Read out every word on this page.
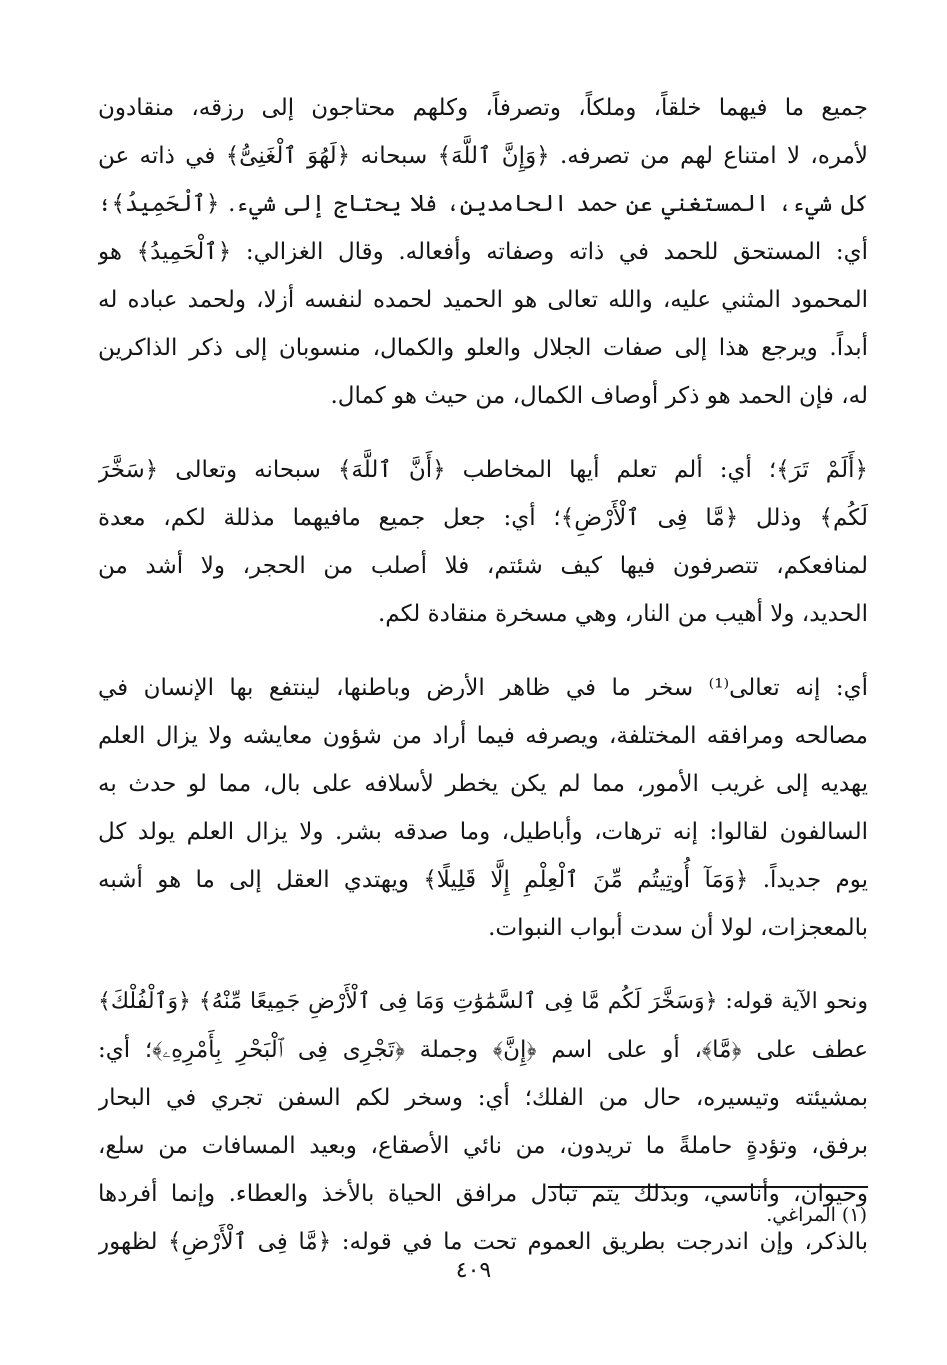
جميع ما فيهما خلقاً، وملكاً، وتصرفاً، وكلهم محتاجون إلى رزقه، منقادون
لأمره، لا امتناع لهم من تصرفه. ﴿وَإِنَّ ٱللَّهَ﴾ سبحانه ﴿لَهُوَ ٱلْغَنِىُّ﴾ في ذاته عن
كل شيء، المستغني عن حمد الحامدين، فلا يحتاج إلى شيء. ﴿ٱلْحَمِيدُ﴾؛
أي: المستحق للحمد في ذاته وصفاته وأفعاله. وقال الغزالي: ﴿ٱلْحَمِيدُ﴾ هو
المحمود المثني عليه، والله تعالى هو الحميد لحمده لنفسه أزلا، ولحمد عباده له
أبداً. ويرجع هذا إلى صفات الجلال والعلو والكمال، منسوبان إلى ذكر الذاكرين
له، فإن الحمد هو ذكر أوصاف الكمال، من حيث هو كمال.
﴿أَلَمْ تَرَ﴾؛ أي: ألم تعلم أيها المخاطب ﴿أَنَّ ٱللَّهَ﴾ سبحانه وتعالى ﴿سَخَّرَ
لَكُم﴾ وذلل ﴿مَّا فِى ٱلْأَرْضِ﴾؛ أي: جعل جميع مافيهما مذللة لكم، معدة
لمنافعكم، تتصرفون فيها كيف شئتم، فلا أصلب من الحجر، ولا أشد من
الحديد، ولا أهيب من النار، وهي مسخرة منقادة لكم.
أي: إنه تعالى⁽¹⁾ سخر ما في ظاهر الأرض وباطنها، لينتفع بها الإنسان في
مصالحه ومرافقه المختلفة، ويصرفه فيما أراد من شؤون معايشه ولا يزال العلم
يهديه إلى غريب الأمور، مما لم يكن يخطر لأسلافه على بال، مما لو حدث به
السالفون لقالوا: إنه ترهات، وأباطيل، وما صدقه بشر. ولا يزال العلم يولد كل
يوم جديداً. ﴿وَمَآ أُوتِيتُم مِّنَ ٱلْعِلْمِ إِلَّا قَلِيلًا﴾ ويهتدي العقل إلى ما هو أشبه
بالمعجزات، لولا أن سدت أبواب النبوات.
ونحو الآية قوله: ﴿وَسَخَّرَ لَكُم مَّا فِى ٱلسَّمَٰوَٰتِ وَمَا فِى ٱلْأَرْضِ جَمِيعًا مِّنْهُ﴾ ﴿وَٱلْفُلْكَ﴾
عطف على ﴿مَّا﴾، أو على اسم ﴿إِنَّ﴾ وجملة ﴿تَجْرِى فِى ٱلْبَحْرِ بِأَمْرِهِۦ﴾؛ أي:
بمشيئته وتيسيره، حال من الفلك؛ أي: وسخر لكم السفن تجري في البحار
برفق، وتؤدةٍ حاملةً ما تريدون، من نائي الأصقاع، وبعيد المسافات من سلع،
وحيوان، وأناسي، وبذلك يتم تبادل مرافق الحياة بالأخذ والعطاء. وإنما أفردها
بالذكر، وإن اندرجت بطريق العموم تحت ما في قوله: ﴿مَّا فِى ٱلْأَرْضِ﴾ لظهور
(١) المراغي.
٤٠٩
